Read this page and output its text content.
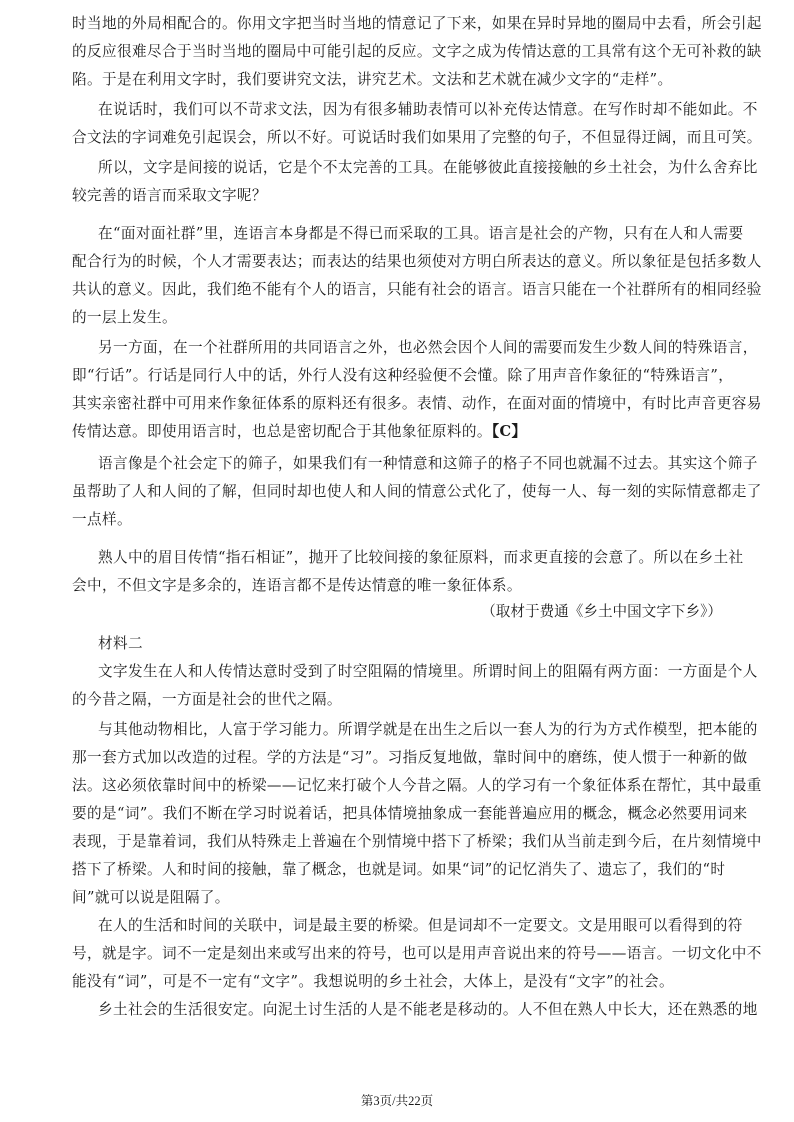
时当地的外局相配合的。你用文字把当时当地的情意记了下来，如果在异时异地的圈局中去看，所会引起
的反应很难尽合于当时当地的圈局中可能引起的反应。文字之成为传情达意的工具常有这个无可补救的缺
陷。于是在利用文字时，我们要讲究文法，讲究艺术。文法和艺术就在减少文字的“走样”。
在说话时，我们可以不苛求文法，因为有很多辅助表情可以补充传达情意。在写作时却不能如此。不
合文法的字词难免引起误会，所以不好。可说话时我们如果用了完整的句子，不但显得迂阔，而且可笑。
所以，文字是间接的说话，它是个不太完善的工具。在能够彼此直接接触的乡土社会，为什么舍弃比
较完善的语言而采取文字呢？
在“面对面社群”里，连语言本身都是不得已而采取的工具。语言是社会的产物，只有在人和人需要
配合行为的时候，个人才需要表达；而表达的结果也须使对方明白所表达的意义。所以象征是包括多数人
共认的意义。因此，我们绝不能有个人的语言，只能有社会的语言。语言只能在一个社群所有的相同经验
的一层上发生。
另一方面，在一个社群所用的共同语言之外，也必然会因个人间的需要而发生少数人间的特殊语言，
即“行话”。行话是同行人中的话，外行人没有这种经验便不会懂。除了用声音作象征的“特殊语言”，
其实亲密社群中可用来作象征体系的原料还有很多。表情、动作，在面对面的情境中，有时比声音更容易
传情达意。即使用语言时，也总是密切配合于其他象征原料的。【C】
语言像是个社会定下的筛子，如果我们有一种情意和这筛子的格子不同也就漏不过去。其实这个筛子
虽帮助了人和人间的了解，但同时却也使人和人间的情意公式化了，使每一人、每一刻的实际情意都走了
一点样。
熟人中的眉目传情“指石相证”，抛开了比较间接的象征原料，而求更直接的会意了。所以在乡土社
会中，不但文字是多余的，连语言都不是传达情意的唯一象征体系。
（取材于费通《乡土中国文字下乡》）
材料二
文字发生在人和人传情达意时受到了时空阻隔的情境里。所谓时间上的阻隔有两方面：一方面是个人
的今昔之隔，一方面是社会的世代之隔。
与其他动物相比，人富于学习能力。所谓学就是在出生之后以一套人为的行为方式作模型，把本能的
那一套方式加以改造的过程。学的方法是“习”。习指反复地做，靠时间中的磨练，使人惯于一种新的做
法。这必须依靠时间中的桥梁——记忆来打破个人今昔之隔。人的学习有一个象征体系在帮忙，其中最重
要的是“词”。我们不断在学习时说着话，把具体情境抽象成一套能普遍应用的概念，概念必然要用词来
表现，于是靠着词，我们从特殊走上普遍在个别情境中搭下了桥梁；我们从当前走到今后，在片刻情境中
搭下了桥梁。人和时间的接触，靠了概念，也就是词。如果“词”的记忆消失了、遗忘了，我们的“时
间”就可以说是阻隔了。
在人的生活和时间的关联中，词是最主要的桥梁。但是词却不一定要文。文是用眼可以看得到的符
号，就是字。词不一定是刻出来或写出来的符号，也可以是用声音说出来的符号——语言。一切文化中不
能没有“词”，可是不一定有“文字”。我想说明的乡土社会，大体上，是没有“文字”的社会。
乡土社会的生活很安定。向泥土讨生活的人是不能老是移动的。人不但在熟人中长大，还在熟悉的地
第3页/共22页
